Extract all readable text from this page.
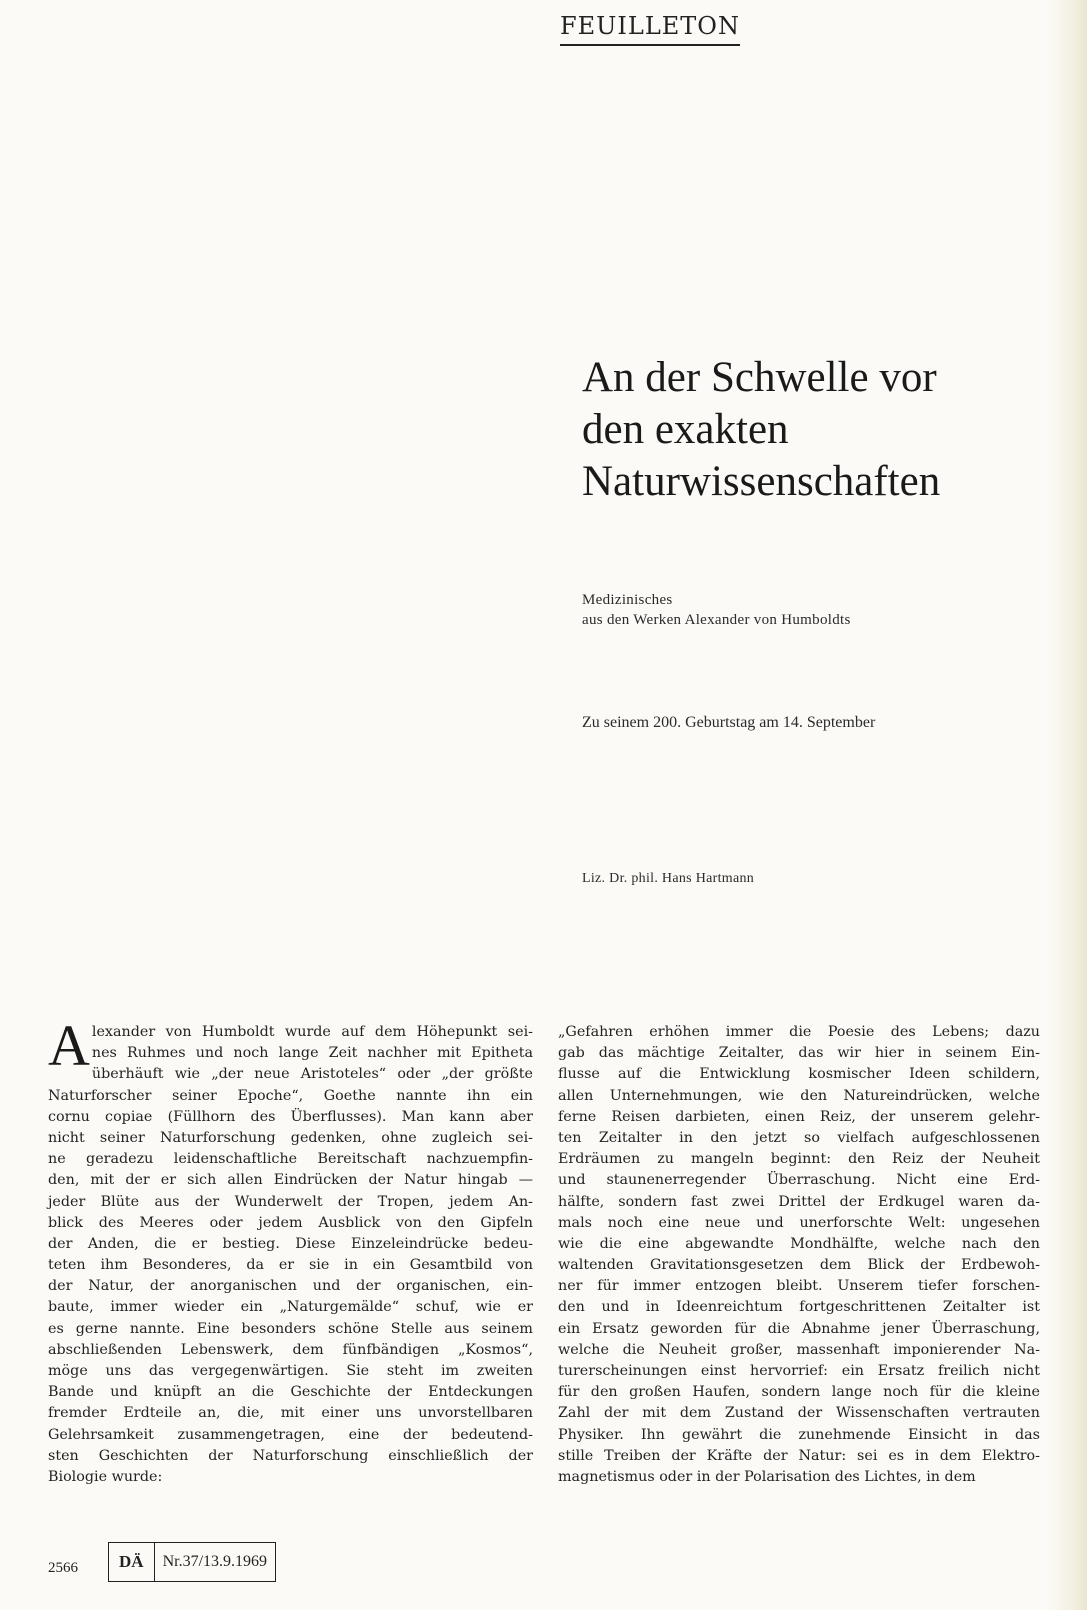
FEUILLETON
An der Schwelle vor
den exakten
Naturwissenschaften
Medizinisches
aus den Werken Alexander von Humboldts
Zu seinem 200. Geburtstag am 14. September
Liz. Dr. phil. Hans Hartmann
A lexander von Humboldt wurde auf dem Höhepunkt sei-
nes Ruhmes und noch lange Zeit nachher mit Epitheta
überhäuft wie „der neue Aristoteles“ oder „der größte
Naturforscher seiner Epoche“, Goethe nannte ihn ein
cornu copiae (Füllhorn des Überflusses). Man kann aber
nicht seiner Naturforschung gedenken, ohne zugleich sei-
ne geradezu leidenschaftliche Bereitschaft nachzuempfin-
den, mit der er sich allen Eindrücken der Natur hingab —
jeder Blüte aus der Wunderwelt der Tropen, jedem An-
blick des Meeres oder jedem Ausblick von den Gipfeln
der Anden, die er bestieg. Diese Einzeleindrücke bedeu-
teten ihm Besonderes, da er sie in ein Gesamtbild von
der Natur, der anorganischen und der organischen, ein-
baute, immer wieder ein „Naturgemälde“ schuf, wie er
es gerne nannte. Eine besonders schöne Stelle aus seinem
abschließenden Lebenswerk, dem fünfbändigen „Kosmos“,
möge uns das vergegenwärtigen. Sie steht im zweiten
Bande und knüpft an die Geschichte der Entdeckungen
fremder Erdteile an, die, mit einer uns unvorstellbaren
Gelehrsamkeit zusammengetragen, eine der bedeutend-
sten Geschichten der Naturforschung einschließlich der
Biologie wurde:
„Gefahren erhöhen immer die Poesie des Lebens; dazu
gab das mächtige Zeitalter, das wir hier in seinem Ein-
flusse auf die Entwicklung kosmischer Ideen schildern,
allen Unternehmungen, wie den Natureindrücken, welche
ferne Reisen darbieten, einen Reiz, der unserem gelehr-
ten Zeitalter in den jetzt so vielfach aufgeschlossenen
Erdräumen zu mangeln beginnt: den Reiz der Neuheit
und staunenerregender Überraschung. Nicht eine Erd-
hälfte, sondern fast zwei Drittel der Erdkugel waren da-
mals noch eine neue und unerforschte Welt: ungesehen
wie die eine abgewandte Mondhälfte, welche nach den
waltenden Gravitationsgesetzen dem Blick der Erdbewoh-
ner für immer entzogen bleibt. Unserem tiefer forschen-
den und in Ideenreichtum fortgeschrittenen Zeitalter ist
ein Ersatz geworden für die Abnahme jener Überraschung,
welche die Neuheit großer, massenhaft imponierender Na-
turerscheinungen einst hervorrief: ein Ersatz freilich nicht
für den großen Haufen, sondern lange noch für die kleine
Zahl der mit dem Zustand der Wissenschaften vertrauten
Physiker. Ihn gewährt die zunehmende Einsicht in das
stille Treiben der Kräfte der Natur: sei es in dem Elektro-
magnetismus oder in der Polarisation des Lichtes, in dem
2566	DÄ	Nr.37/13.9.1969
